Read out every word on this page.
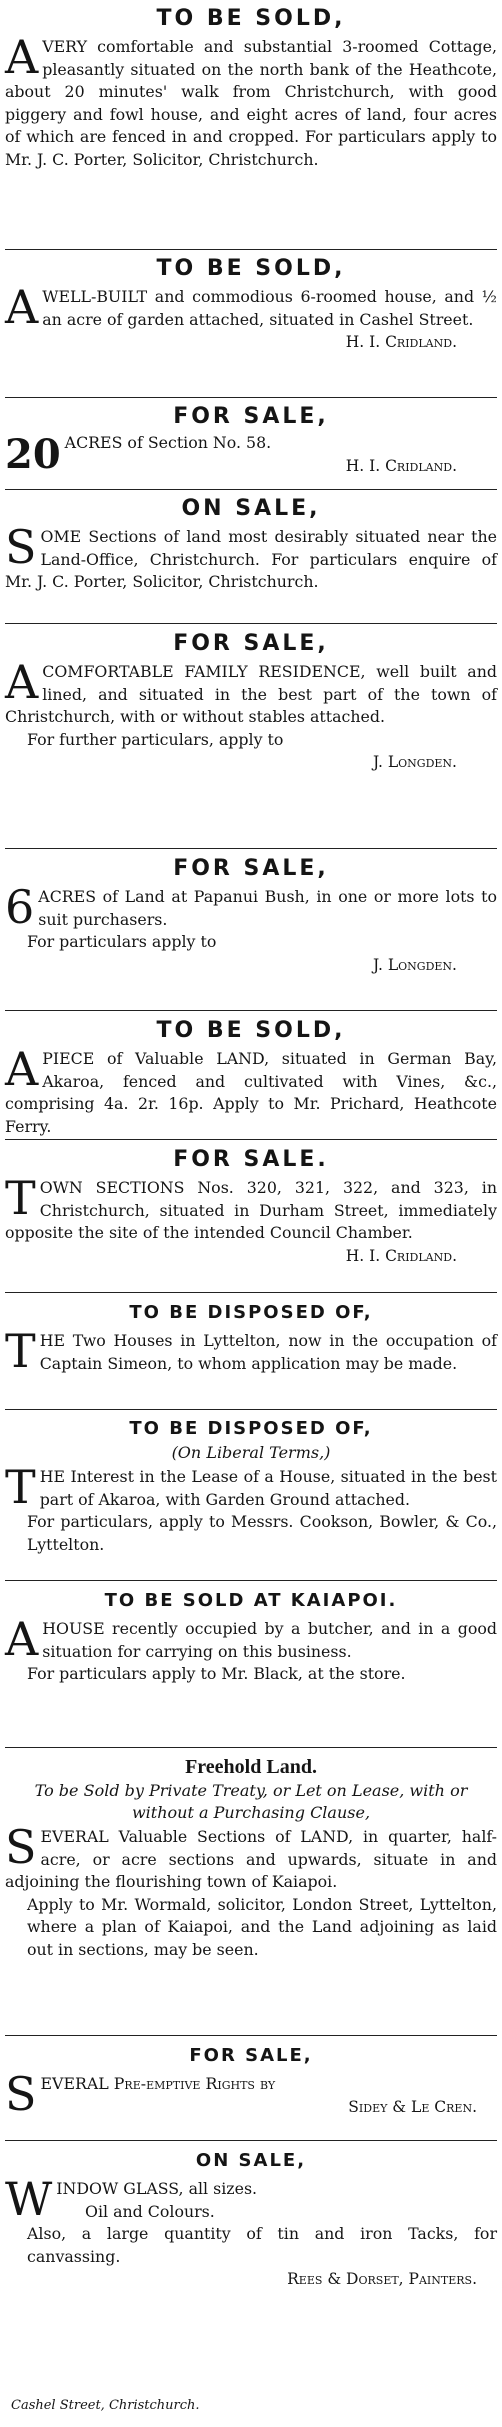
TO BE SOLD,
A VERY comfortable and substantial 3-roomed Cottage, pleasantly situated on the north bank of the Heathcote, about 20 minutes' walk from Christchurch, with good piggery and fowl house, and eight acres of land, four acres of which are fenced in and cropped. For particulars apply to Mr. J. C. Porter, Solicitor, Christchurch.
TO BE SOLD,
A WELL-BUILT and commodious 6-roomed house, and ½ an acre of garden attached, situated in Cashel Street.
H. I. Cridland.
FOR SALE,
20 ACRES of Section No. 58.
H. I. Cridland.
ON SALE,
S OME Sections of land most desirably situated near the Land-Office, Christchurch. For particulars enquire of Mr. J. C. Porter, Solicitor, Christchurch.
FOR SALE,
A COMFORTABLE FAMILY RESIDENCE, well built and lined, and situated in the best part of the town of Christchurch, with or without stables attached.

For further particulars, apply to

J. Longden.
FOR SALE,
6 ACRES of Land at Papanui Bush, in one or more lots to suit purchasers.

For particulars apply to

J. Longden.
TO BE SOLD,
A PIECE of Valuable LAND, situated in German Bay, Akaroa, fenced and cultivated with Vines, &c., comprising 4a. 2r. 16p. Apply to Mr. Prichard, Heathcote Ferry.
FOR SALE.
T OWN SECTIONS Nos. 320, 321, 322, and 323, in Christchurch, situated in Durham Street, immediately opposite the site of the intended Council Chamber.
H. I. Cridland.
TO BE DISPOSED OF,
T HE Two Houses in Lyttelton, now in the occupation of Captain Simeon, to whom application may be made.
TO BE DISPOSED OF,
(On Liberal Terms,)
T HE Interest in the Lease of a House, situated in the best part of Akaroa, with Garden Ground attached.

For particulars, apply to Messrs. Cookson, Bowler, & Co., Lyttelton.

TO BE SOLD AT KAIAPOI.
A HOUSE recently occupied by a butcher, and in a good situation for carrying on this business.

For particulars apply to Mr. Black, at the store.

Freehold Land.
To be Sold by Private Treaty, or Let on Lease, with or without a Purchasing Clause,
S EVERAL Valuable Sections of LAND, in quarter, half-acre, or acre sections and upwards, situate in and adjoining the flourishing town of Kaiapoi.

Apply to Mr. Wormald, solicitor, London Street, Lyttelton, where a plan of Kaiapoi, and the Land adjoining as laid out in sections, may be seen.

FOR SALE,
S EVERAL Pre-emptive Rights by
Sidey & Le Cren.
ON SALE,
W INDOW GLASS, all sizes.

Oil and Colours.

Also, a large quantity of tin and iron Tacks, for canvassing.

Rees & Dorset, Painters.
Cashel Street, Christchurch.
